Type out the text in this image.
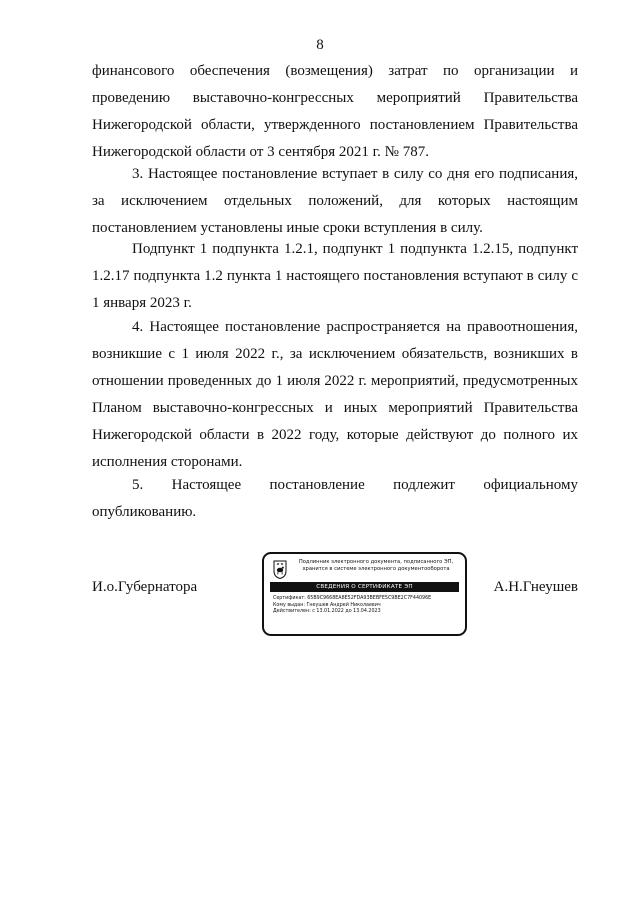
8

финансового обеспечения (возмещения) затрат по организации и проведению выставочно-конгрессных мероприятий Правительства Нижегородской области, утвержденного постановлением Правительства Нижегородской области от 3 сентября 2021 г. № 787.

3. Настоящее постановление вступает в силу со дня его подписания, за исключением отдельных положений, для которых настоящим постановлением установлены иные сроки вступления в силу.

Подпункт 1 подпункта 1.2.1, подпункт 1 подпункта 1.2.15, подпункт 1.2.17 подпункта 1.2 пункта 1 настоящего постановления вступают в силу с 1 января 2023 г.

4. Настоящее постановление распространяется на правоотношения, возникшие с 1 июля 2022 г., за исключением обязательств, возникших в отношении проведенных до 1 июля 2022 г. мероприятий, предусмотренных Планом выставочно-конгрессных и иных мероприятий Правительства Нижегородской области в 2022 году, которые действуют до полного их исполнения сторонами.

5. Настоящее постановление подлежит официальному опубликованию.

И.о.Губернатора	А.Н.Гнеушев
Подлинник электронного документа, подписанного ЭП,
хранится в системе электронного документооборота
СВЕДЕНИЯ О СЕРТИФИКАТЕ ЭП
Сертификат: 65B9C9668EA8E52FDA93BEBFE5C9BE2C7F44096E
Кому выдан: Гнеушев Андрей Николаевич
Действителен: с 13.01.2022 до 13.04.2023
